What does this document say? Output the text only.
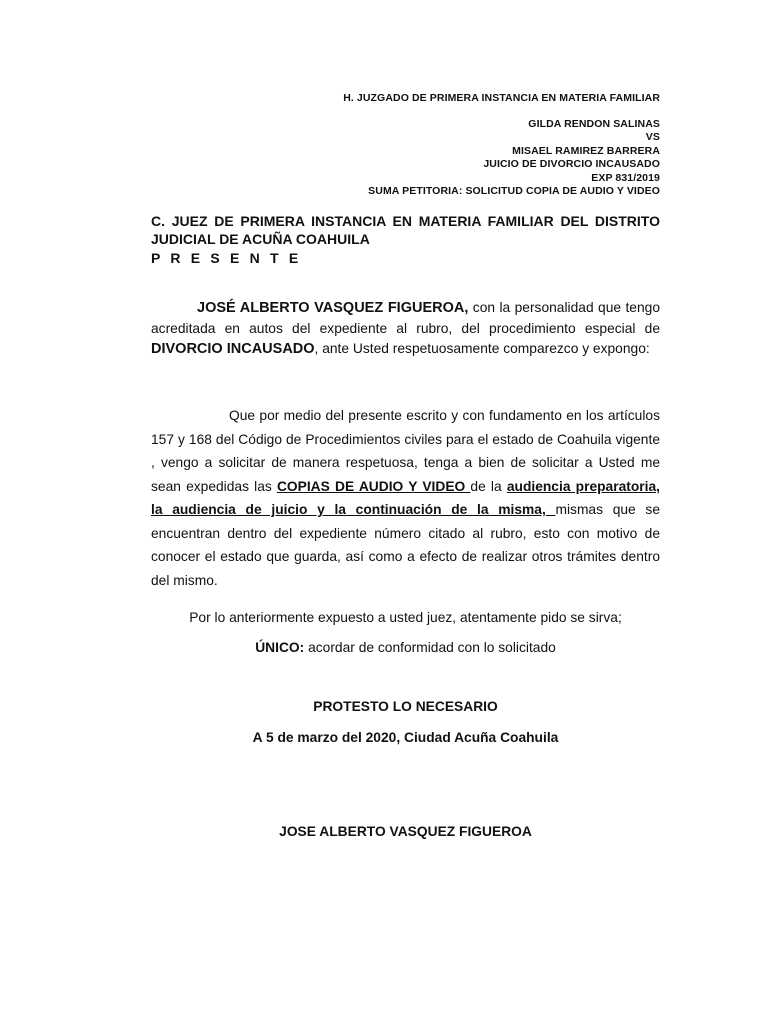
H. JUZGADO DE PRIMERA INSTANCIA EN MATERIA FAMILIAR
GILDA RENDON SALINAS
VS
MISAEL RAMIREZ BARRERA
JUICIO DE DIVORCIO INCAUSADO
EXP 831/2019
SUMA PETITORIA: SOLICITUD COPIA DE AUDIO Y VIDEO
C. JUEZ DE PRIMERA INSTANCIA EN MATERIA FAMILIAR DEL DISTRITO JUDICIAL DE ACUÑA COAHUILA
P R E S E N T E
JOSÉ ALBERTO VASQUEZ FIGUEROA, con la personalidad que tengo acreditada en autos del expediente al rubro, del procedimiento especial de DIVORCIO INCAUSADO, ante Usted respetuosamente comparezco y expongo:
Que por medio del presente escrito y con fundamento en los artículos 157 y 168 del Código de Procedimientos civiles para el estado de Coahuila vigente , vengo a solicitar de manera respetuosa, tenga a bien de solicitar a Usted me sean expedidas las COPIAS DE AUDIO Y VIDEO de la audiencia preparatoria, la audiencia de juicio y la continuación de la misma, mismas que se encuentran dentro del expediente número citado al rubro, esto con motivo de conocer el estado que guarda, así como a efecto de realizar otros trámites dentro del mismo.
Por lo anteriormente expuesto a usted juez, atentamente pido se sirva;
ÚNICO: acordar de conformidad con lo solicitado
PROTESTO LO NECESARIO
A 5 de marzo del 2020, Ciudad Acuña Coahuila
JOSE ALBERTO VASQUEZ FIGUEROA
